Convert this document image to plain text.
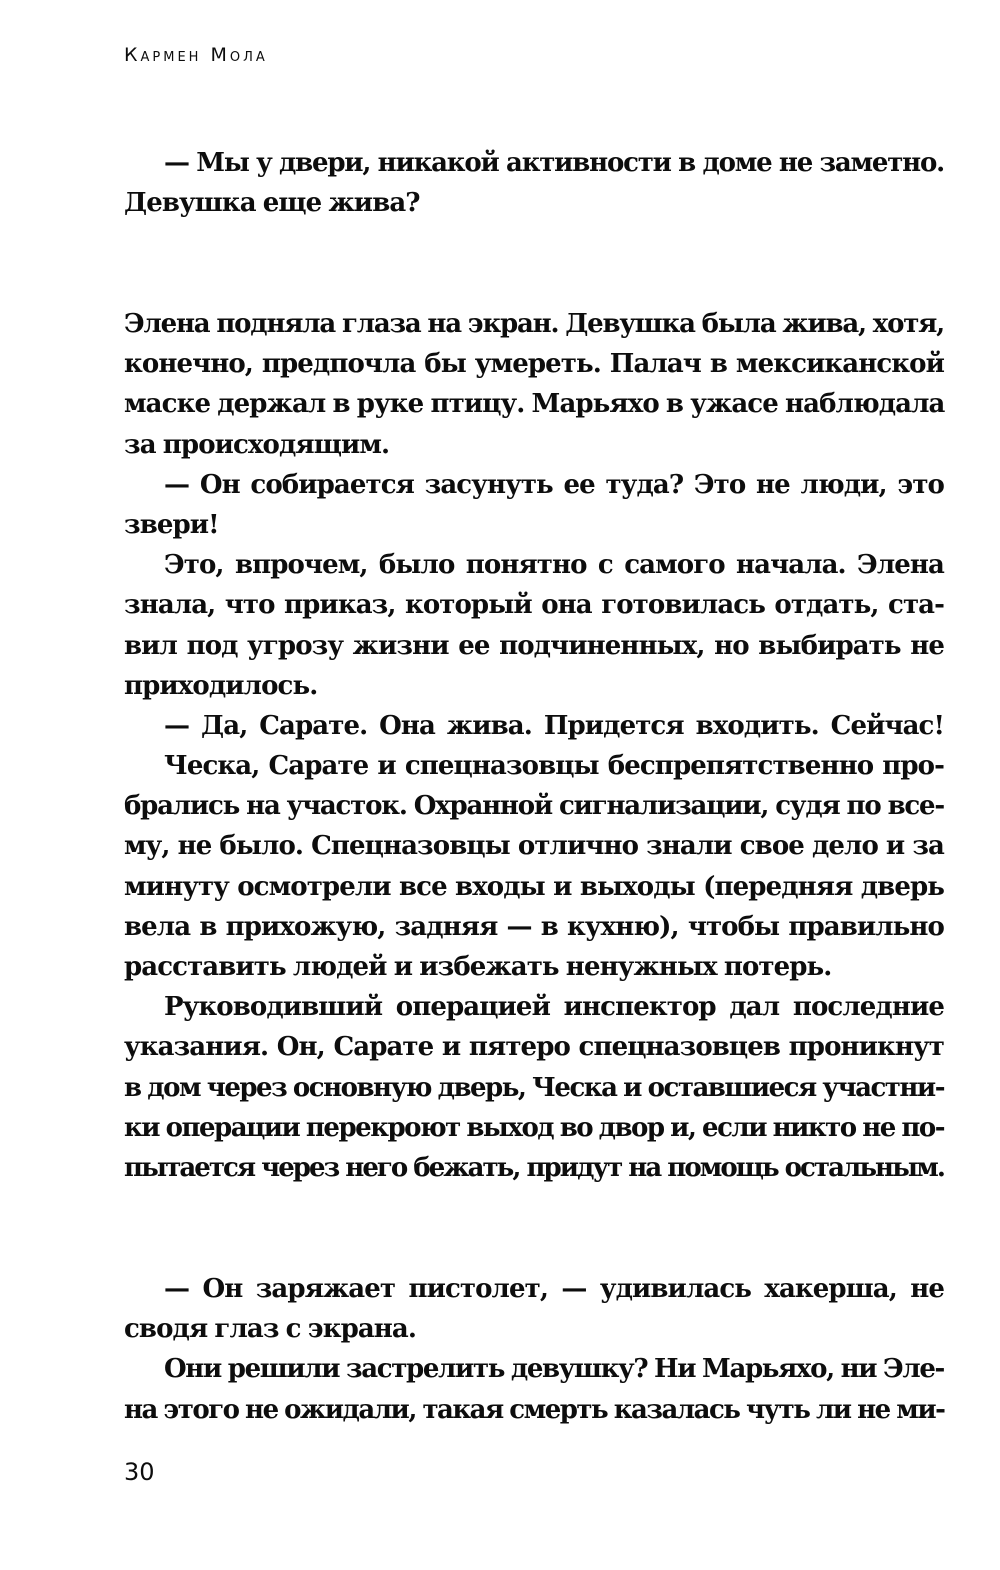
Кармен Мола
— Мы у двери, никакой активности в доме не заметно.
Девушка еще жива?
Элена подняла глаза на экран. Девушка была жива, хотя,
конечно, предпочла бы умереть. Палач в мексиканской
маске держал в руке птицу. Марьяхо в ужасе наблюдала
за происходящим.
— Он собирается засунуть ее туда? Это не люди, это
звери!
Это, впрочем, было понятно с самого начала. Элена
знала, что приказ, который она готовилась отдать, ста-
вил под угрозу жизни ее подчиненных, но выбирать не
приходилось.
— Да, Сарате. Она жива. Придется входить. Сейчас!
Ческа, Сарате и спецназовцы беспрепятственно про-
брались на участок. Охранной сигнализации, судя по все-
му, не было. Спецназовцы отлично знали свое дело и за
минуту осмотрели все входы и выходы (передняя дверь
вела в прихожую, задняя — в кухню), чтобы правильно
расставить людей и избежать ненужных потерь.
Руководивший операцией инспектор дал последние
указания. Он, Сарате и пятеро спецназовцев проникнут
в дом через основную дверь, Ческа и оставшиеся участни-
ки операции перекроют выход во двор и, если никто не по-
пытается через него бежать, придут на помощь остальным.
— Он заряжает пистолет, — удивилась хакерша, не
сводя глаз с экрана.
Они решили застрелить девушку? Ни Марьяхо, ни Эле-
на этого не ожидали, такая смерть казалась чуть ли не ми-

30
